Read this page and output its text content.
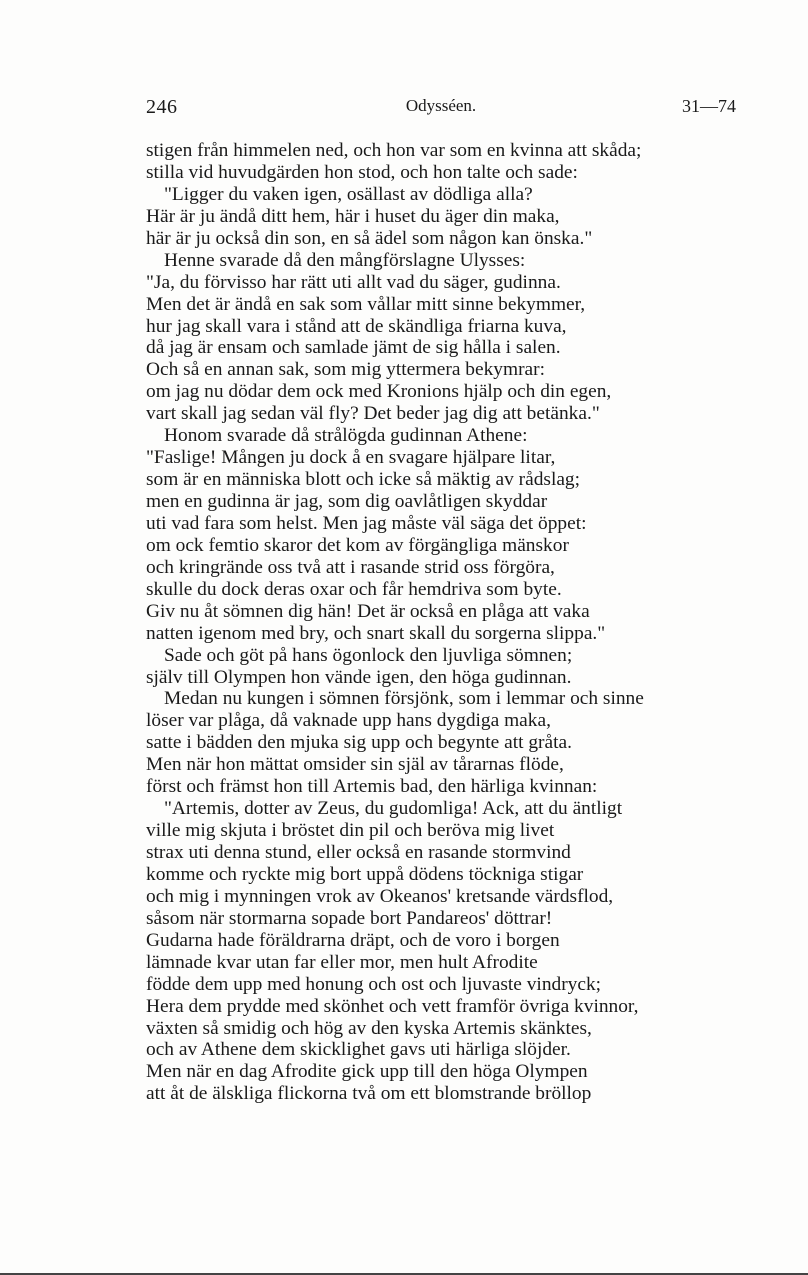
246	Odysséen.	31—74
stigen från himmelen ned, och hon var som en kvinna att skåda;
stilla vid huvudgärden hon stod, och hon talte och sade:
"Ligger du vaken igen, osällast av dödliga alla?
Här är ju ändå ditt hem, här i huset du äger din maka,
här är ju också din son, en så ädel som någon kan önska."
Henne svarade då den mångförslagne Ulysses:
"Ja, du förvisso har rätt uti allt vad du säger, gudinna.
Men det är ändå en sak som vållar mitt sinne bekymmer,
hur jag skall vara i stånd att de skändliga friarna kuva,
då jag är ensam och samlade jämt de sig hålla i salen.
Och så en annan sak, som mig yttermera bekymrar:
om jag nu dödar dem ock med Kronions hjälp och din egen,
vart skall jag sedan väl fly? Det beder jag dig att betänka."
Honom svarade då strålögda gudinnan Athene:
"Faslige! Mången ju dock å en svagare hjälpare litar,
som är en människa blott och icke så mäktig av rådslag;
men en gudinna är jag, som dig oavlåtligen skyddar
uti vad fara som helst. Men jag måste väl säga det öppet:
om ock femtio skaror det kom av förgängliga mänskor
och kringrände oss två att i rasande strid oss förgöra,
skulle du dock deras oxar och får hemdriva som byte.
Giv nu åt sömnen dig hän! Det är också en plåga att vaka
natten igenom med bry, och snart skall du sorgerna slippa."
Sade och göt på hans ögonlock den ljuvliga sömnen;
själv till Olympen hon vände igen, den höga gudinnan.
Medan nu kungen i sömnen försjönk, som i lemmar och sinne
löser var plåga, då vaknade upp hans dygdiga maka,
satte i bädden den mjuka sig upp och begynte att gråta.
Men när hon mättat omsider sin själ av tårarnas flöde,
först och främst hon till Artemis bad, den härliga kvinnan:
"Artemis, dotter av Zeus, du gudomliga! Ack, att du äntligt
ville mig skjuta i bröstet din pil och beröva mig livet
strax uti denna stund, eller också en rasande stormvind
komme och ryckte mig bort uppå dödens töckniga stigar
och mig i mynningen vrok av Okeanos' kretsande värdsflod,
såsom när stormarna sopade bort Pandareos' döttrar!
Gudarna hade föräldrarna dräpt, och de voro i borgen
lämnade kvar utan far eller mor, men hult Afrodite
födde dem upp med honung och ost och ljuvaste vindryck;
Hera dem prydde med skönhet och vett framför övriga kvinnor,
växten så smidig och hög av den kyska Artemis skänktes,
och av Athene dem skicklighet gavs uti härliga slöjder.
Men när en dag Afrodite gick upp till den höga Olympen
att åt de älskliga flickorna två om ett blomstrande bröllop
